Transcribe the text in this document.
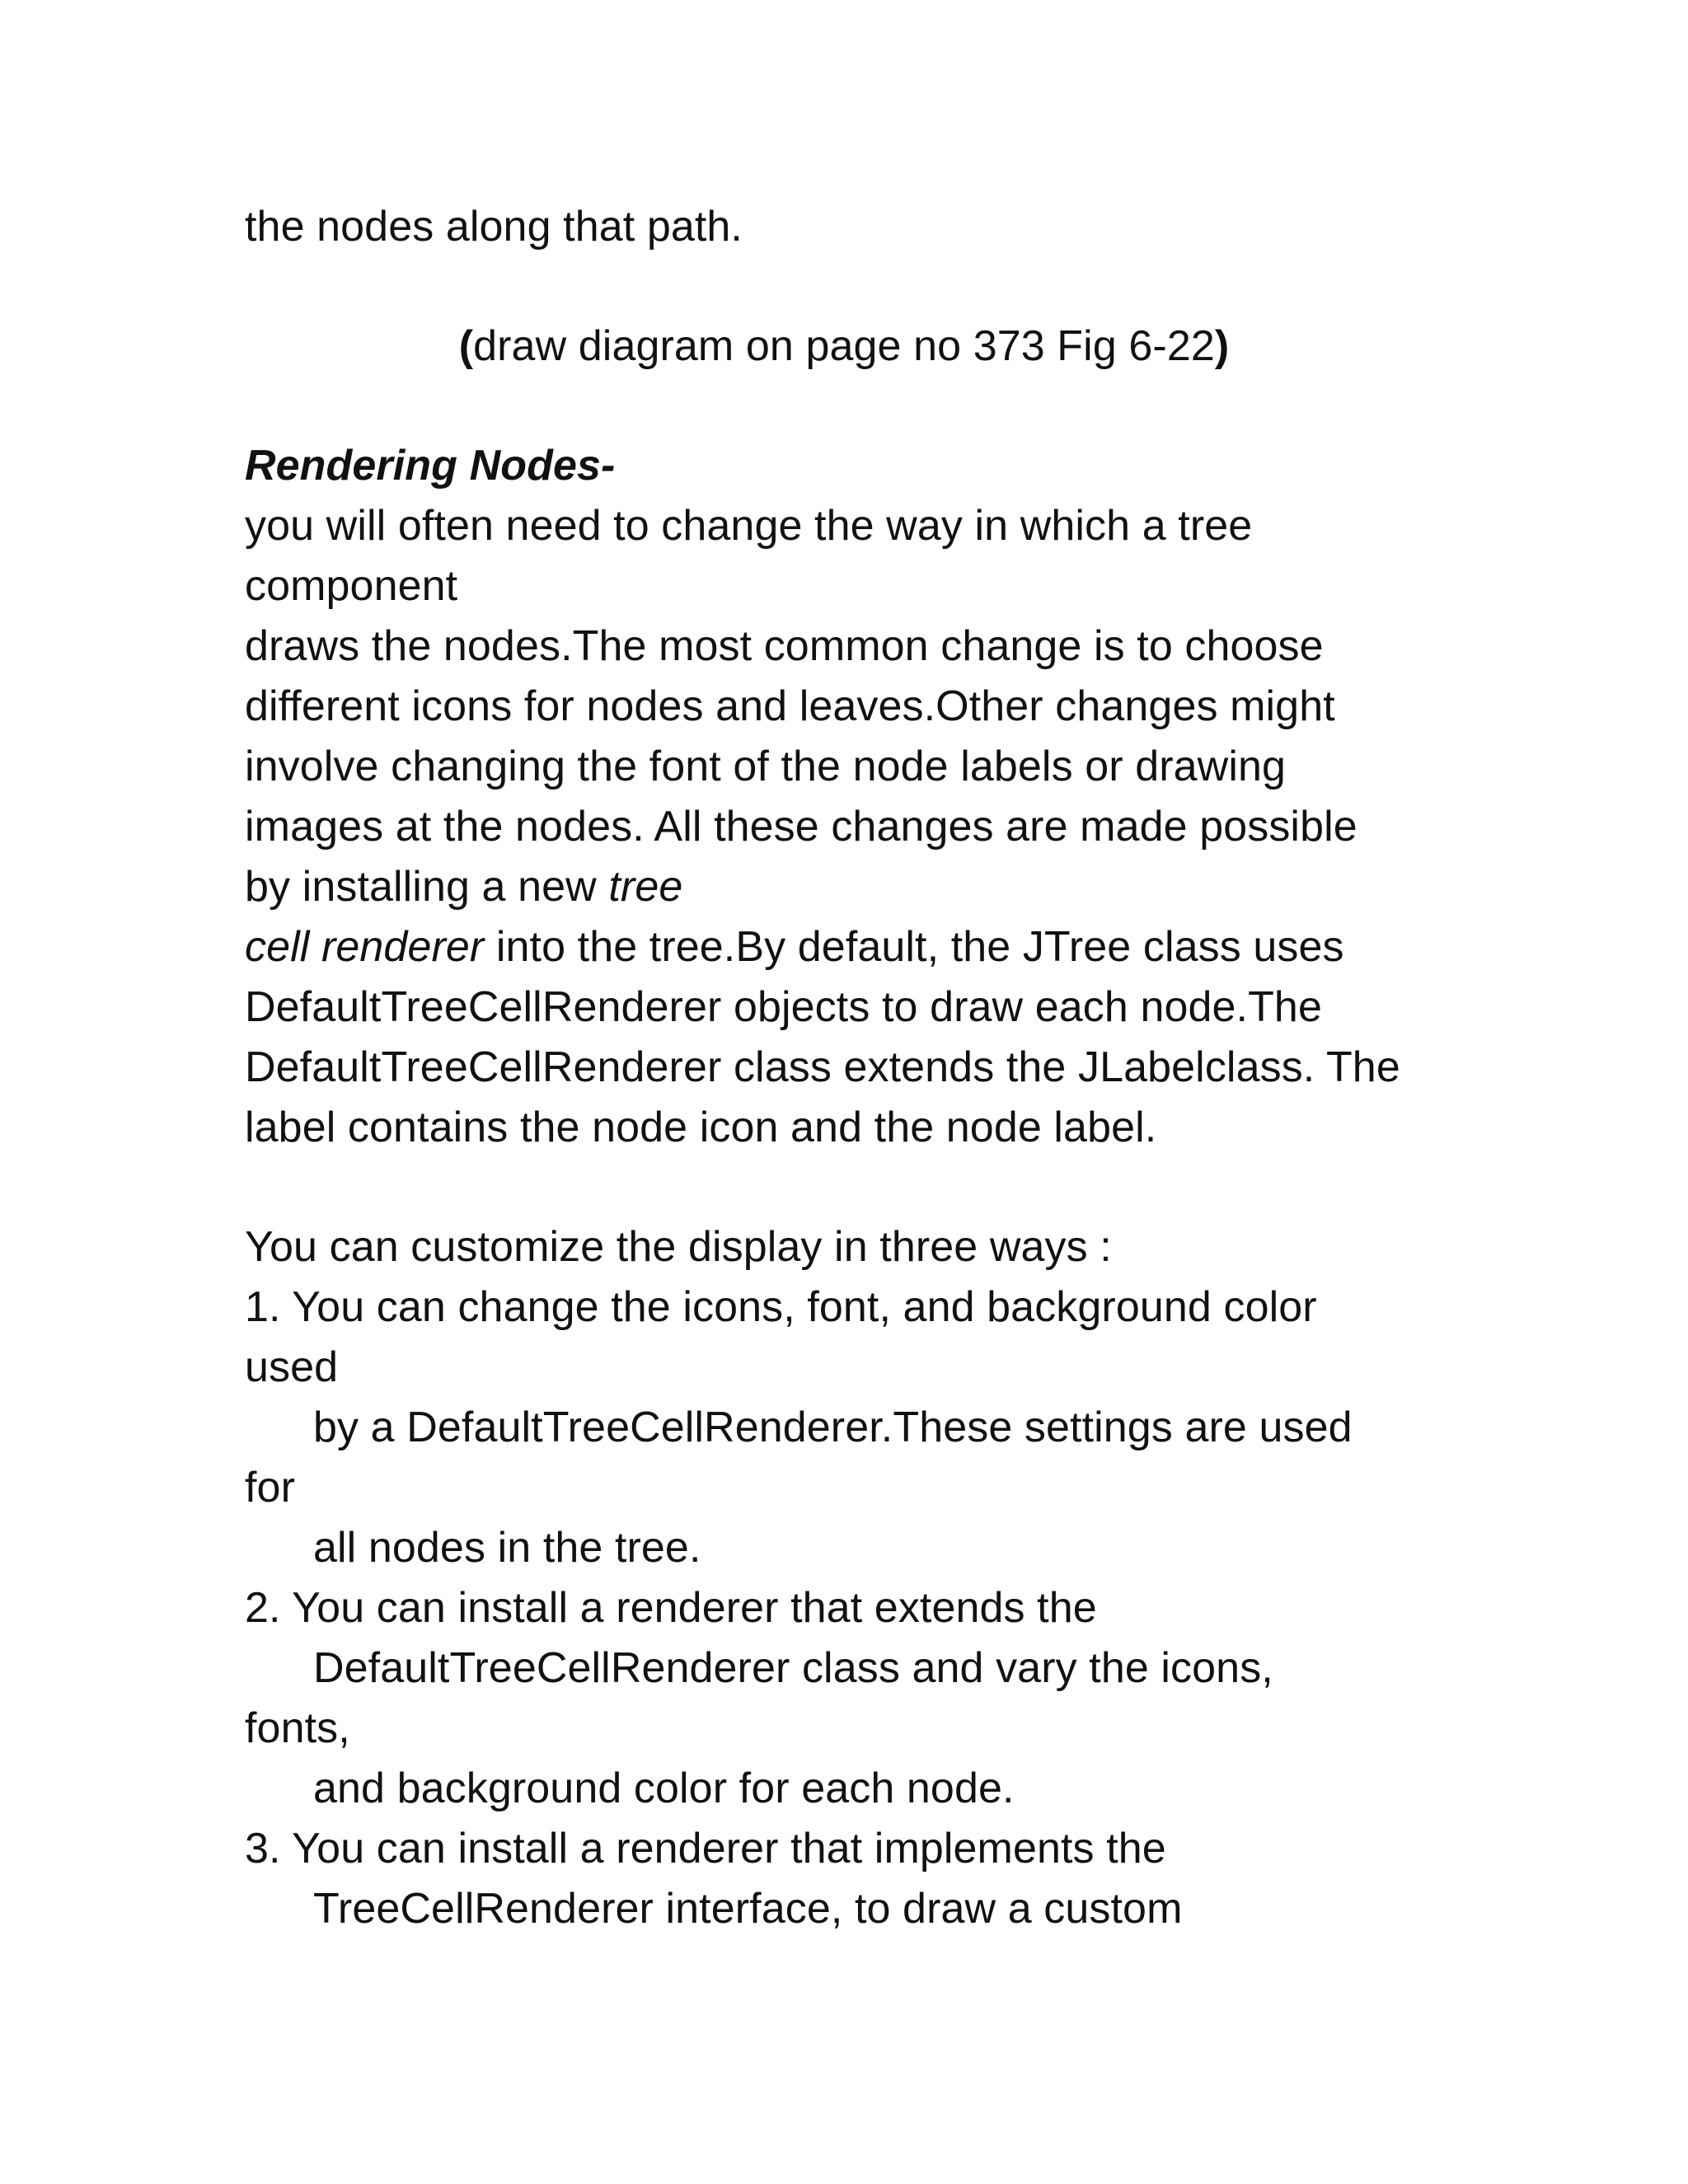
the nodes along that path.
(draw diagram on page no 373 Fig 6-22)
Rendering Nodes-
you will often need to change the way in which a tree
component
draws the nodes.The most common change is to choose
different icons for nodes and leaves.Other changes might
involve changing the font of the node labels or drawing
images at the nodes. All these changes are made possible
by installing a new tree
cell renderer into the tree.By default, the JTree class uses
DefaultTreeCellRenderer objects to draw each node.The
DefaultTreeCellRenderer class extends the JLabelclass. The
label contains the node icon and the node label.
You can customize the display in three ways :
1. You can change the icons, font, and background color
used
by a DefaultTreeCellRenderer.These settings are used
for
all nodes in the tree.
2. You can install a renderer that extends the
DefaultTreeCellRenderer class and vary the icons,
fonts,
and background color for each node.
3. You can install a renderer that implements the
TreeCellRenderer interface, to draw a custom
